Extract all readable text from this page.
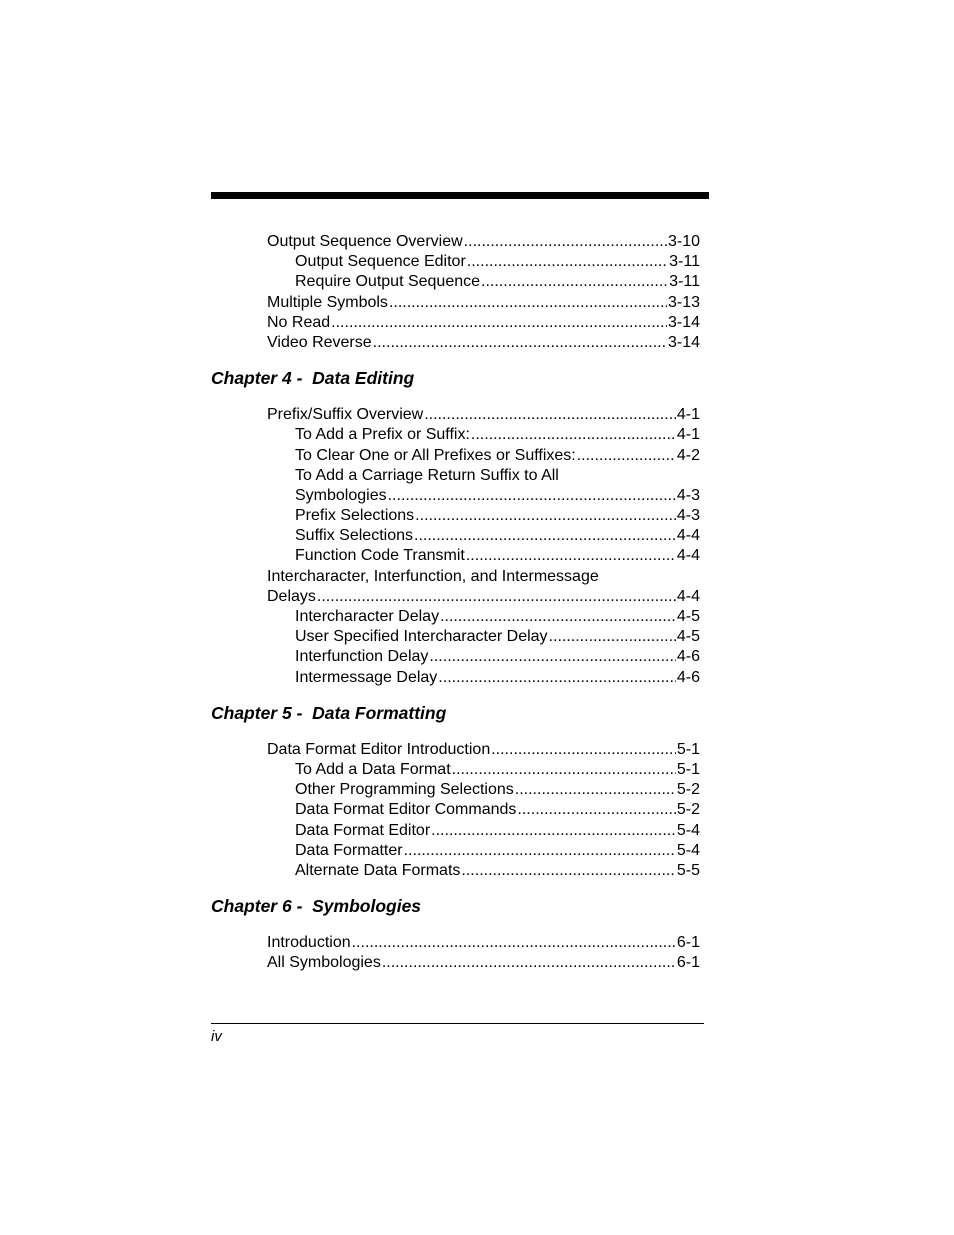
Output Sequence Overview .....	3-10
Output Sequence Editor .....	3-11
Require Output Sequence .....	3-11
Multiple Symbols .....	3-13
No Read .....	3-14
Video Reverse .....	3-14
Chapter 4 -  Data Editing
Prefix/Suffix Overview .....	4-1
To Add a Prefix or Suffix: .....	4-1
To Clear One or All Prefixes or Suffixes: .....	4-2
To Add a Carriage Return Suffix to All
Symbologies .....	4-3
Prefix Selections .....	4-3
Suffix Selections .....	4-4
Function Code Transmit .....	4-4
Intercharacter, Interfunction, and Intermessage
Delays .....	4-4
Intercharacter Delay .....	4-5
User Specified Intercharacter Delay .....	4-5
Interfunction Delay .....	4-6
Intermessage Delay .....	4-6
Chapter 5 -  Data Formatting
Data Format Editor Introduction .....	5-1
To Add a Data Format .....	5-1
Other Programming Selections .....	5-2
Data Format Editor Commands .....	5-2
Data Format Editor .....	5-4
Data Formatter .....	5-4
Alternate Data Formats .....	5-5
Chapter 6 -  Symbologies
Introduction .....	6-1
All Symbologies .....	6-1
iv
